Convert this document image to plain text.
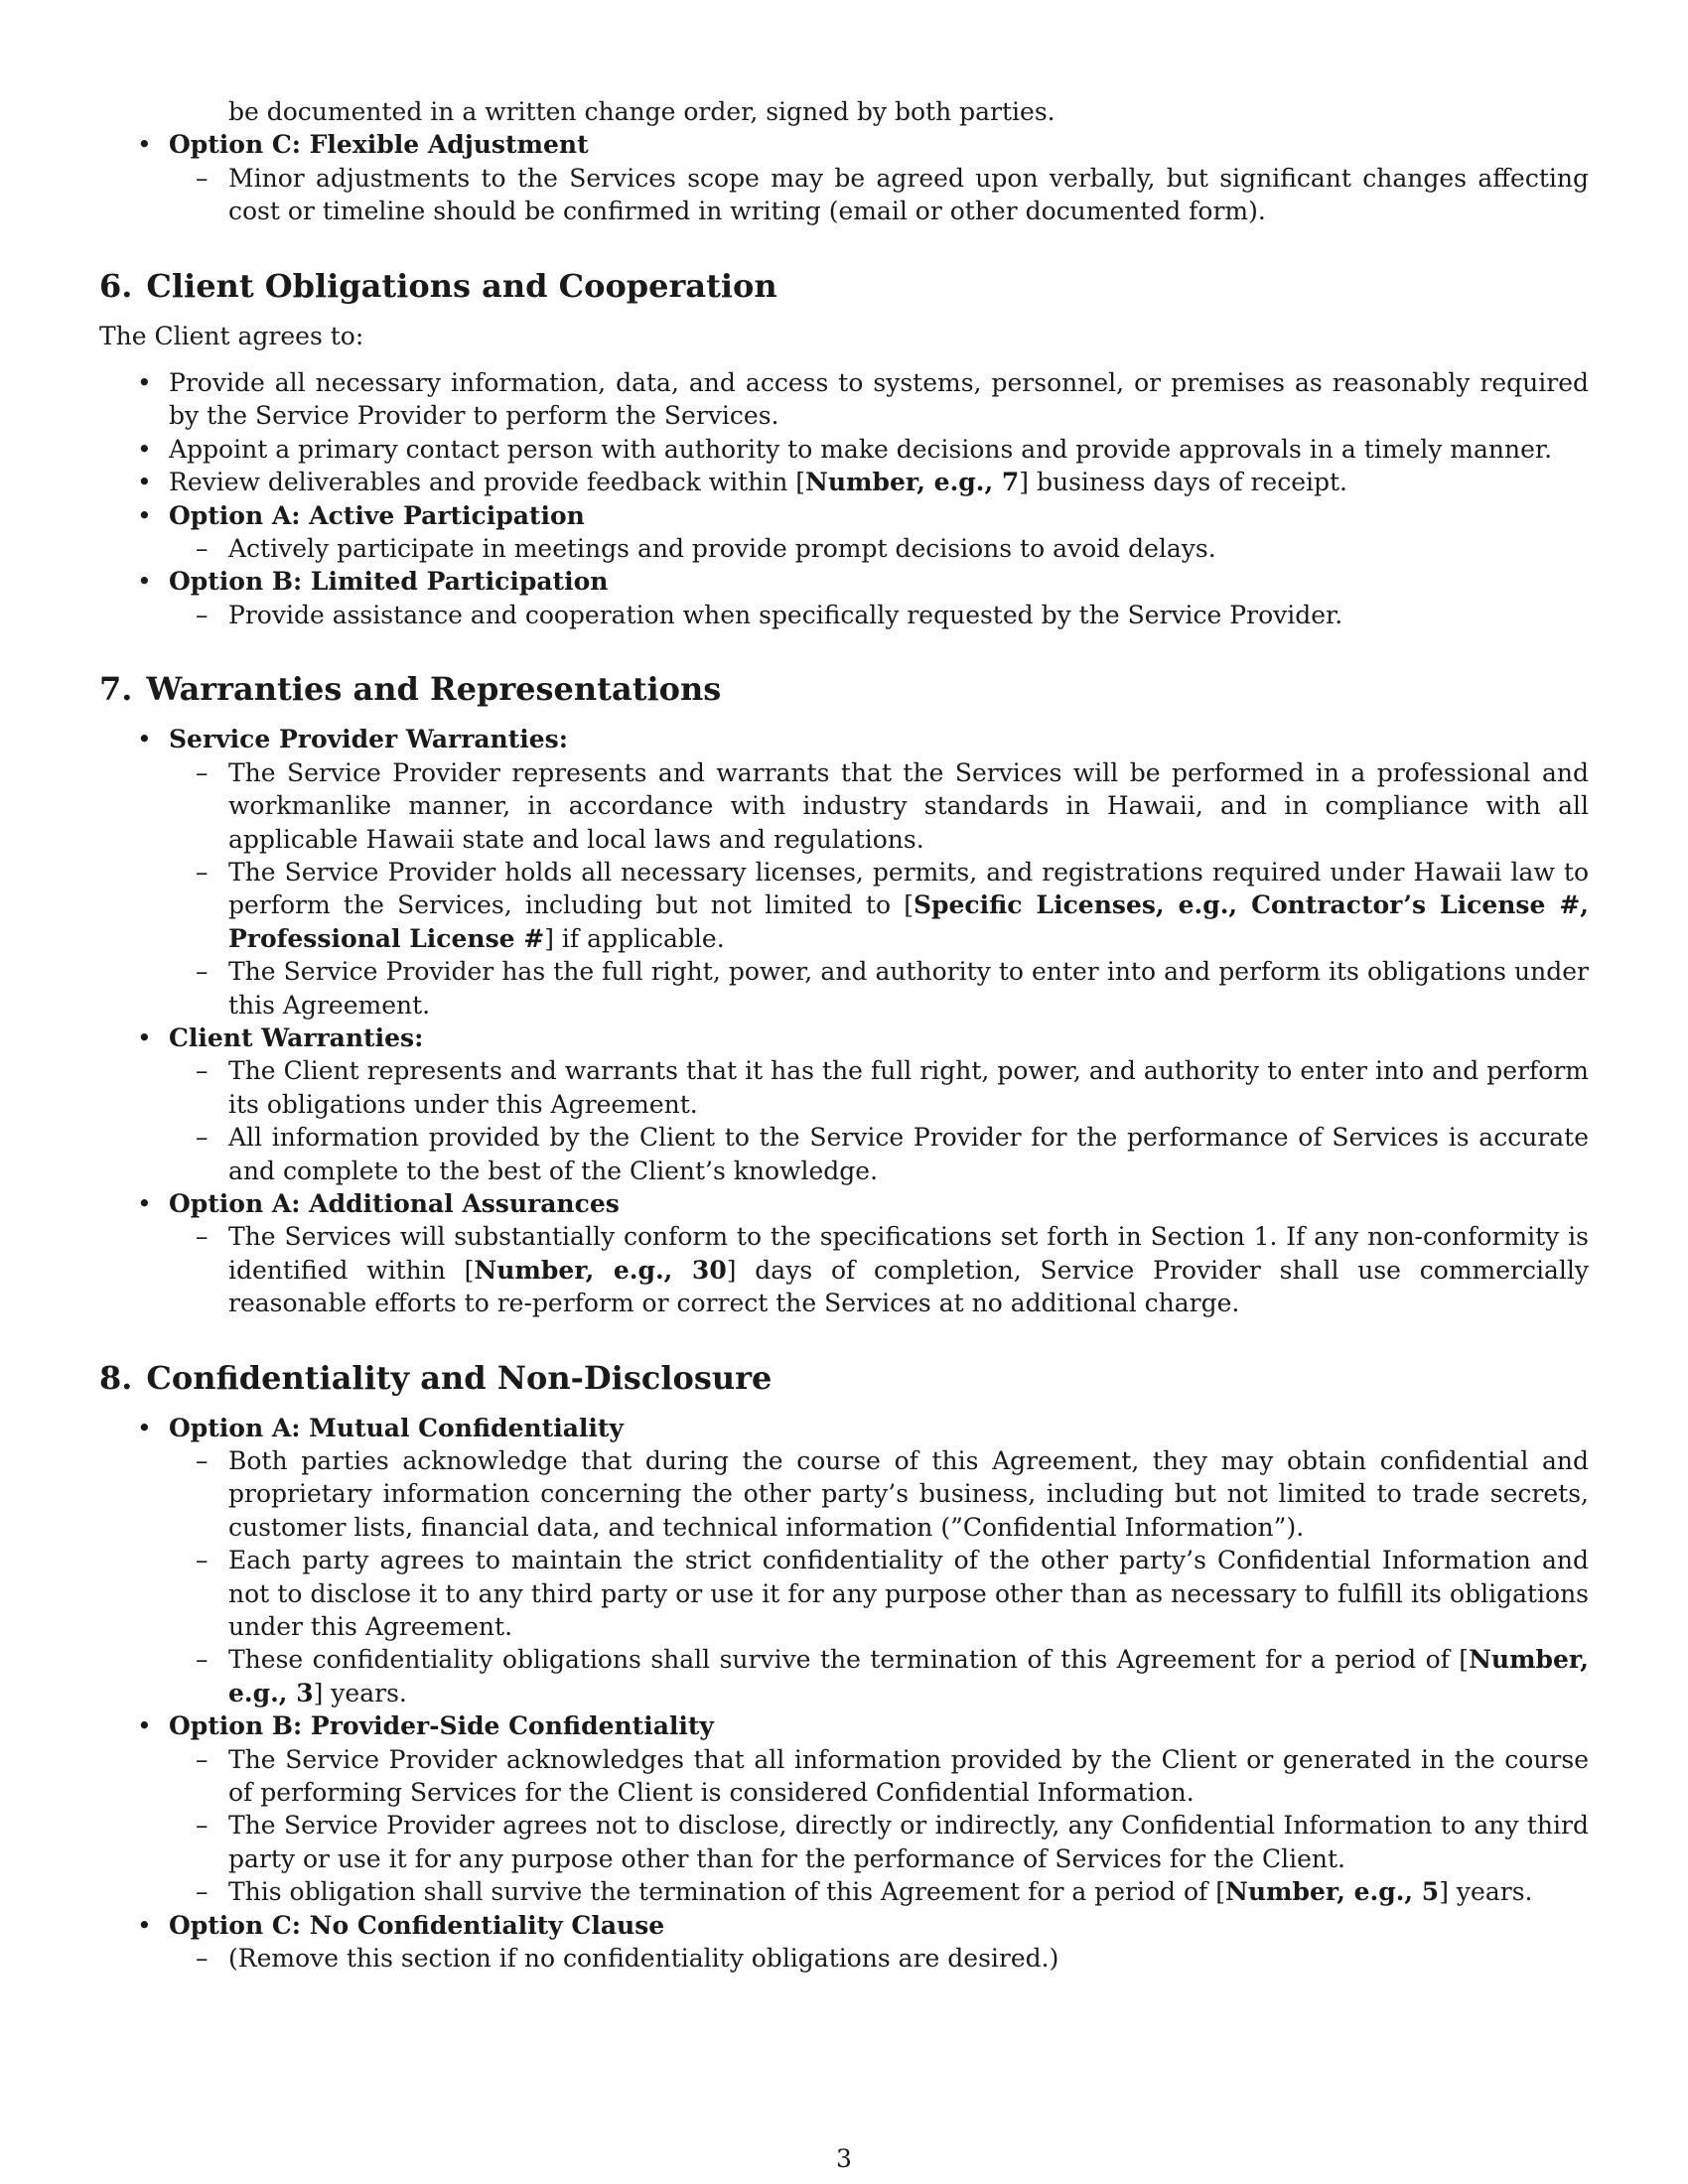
be documented in a written change order, signed by both parties.

• Option C: Flexible Adjustment
– Minor adjustments to the Services scope may be agreed upon verbally, but significant changes affecting cost or timeline should be confirmed in writing (email or other documented form).
6. Client Obligations and Cooperation

The Client agrees to:

• Provide all necessary information, data, and access to systems, personnel, or premises as reasonably required by the Service Provider to perform the Services.
• Appoint a primary contact person with authority to make decisions and provide approvals in a timely manner.
• Review deliverables and provide feedback within [Number, e.g., 7] business days of receipt.
• Option A: Active Participation
– Actively participate in meetings and provide prompt decisions to avoid delays.
• Option B: Limited Participation
– Provide assistance and cooperation when specifically requested by the Service Provider.
7. Warranties and Representations
• Service Provider Warranties:
– The Service Provider represents and warrants that the Services will be performed in a professional and workmanlike manner, in accordance with industry standards in Hawaii, and in compliance with all applicable Hawaii state and local laws and regulations.
– The Service Provider holds all necessary licenses, permits, and registrations required under Hawaii law to perform the Services, including but not limited to [Specific Licenses, e.g., Contractor’s License #, Professional License #] if applicable.
– The Service Provider has the full right, power, and authority to enter into and perform its obligations under this Agreement.
• Client Warranties:
– The Client represents and warrants that it has the full right, power, and authority to enter into and perform its obligations under this Agreement.
– All information provided by the Client to the Service Provider for the performance of Services is accurate and complete to the best of the Client’s knowledge.
• Option A: Additional Assurances
– The Services will substantially conform to the specifications set forth in Section 1. If any non-conformity is identified within [Number, e.g., 30] days of completion, Service Provider shall use commercially reasonable efforts to re-perform or correct the Services at no additional charge.
8. Confidentiality and Non-Disclosure
• Option A: Mutual Confidentiality
– Both parties acknowledge that during the course of this Agreement, they may obtain confidential and proprietary information concerning the other party’s business, including but not limited to trade secrets, customer lists, financial data, and technical information (”Confidential Information”).
– Each party agrees to maintain the strict confidentiality of the other party’s Confidential Information and not to disclose it to any third party or use it for any purpose other than as necessary to fulfill its obligations under this Agreement.
– These confidentiality obligations shall survive the termination of this Agreement for a period of [Number, e.g., 3] years.
• Option B: Provider-Side Confidentiality
– The Service Provider acknowledges that all information provided by the Client or generated in the course of performing Services for the Client is considered Confidential Information.
– The Service Provider agrees not to disclose, directly or indirectly, any Confidential Information to any third party or use it for any purpose other than for the performance of Services for the Client.
– This obligation shall survive the termination of this Agreement for a period of [Number, e.g., 5] years.
• Option C: No Confidentiality Clause
– (Remove this section if no confidentiality obligations are desired.)
3
